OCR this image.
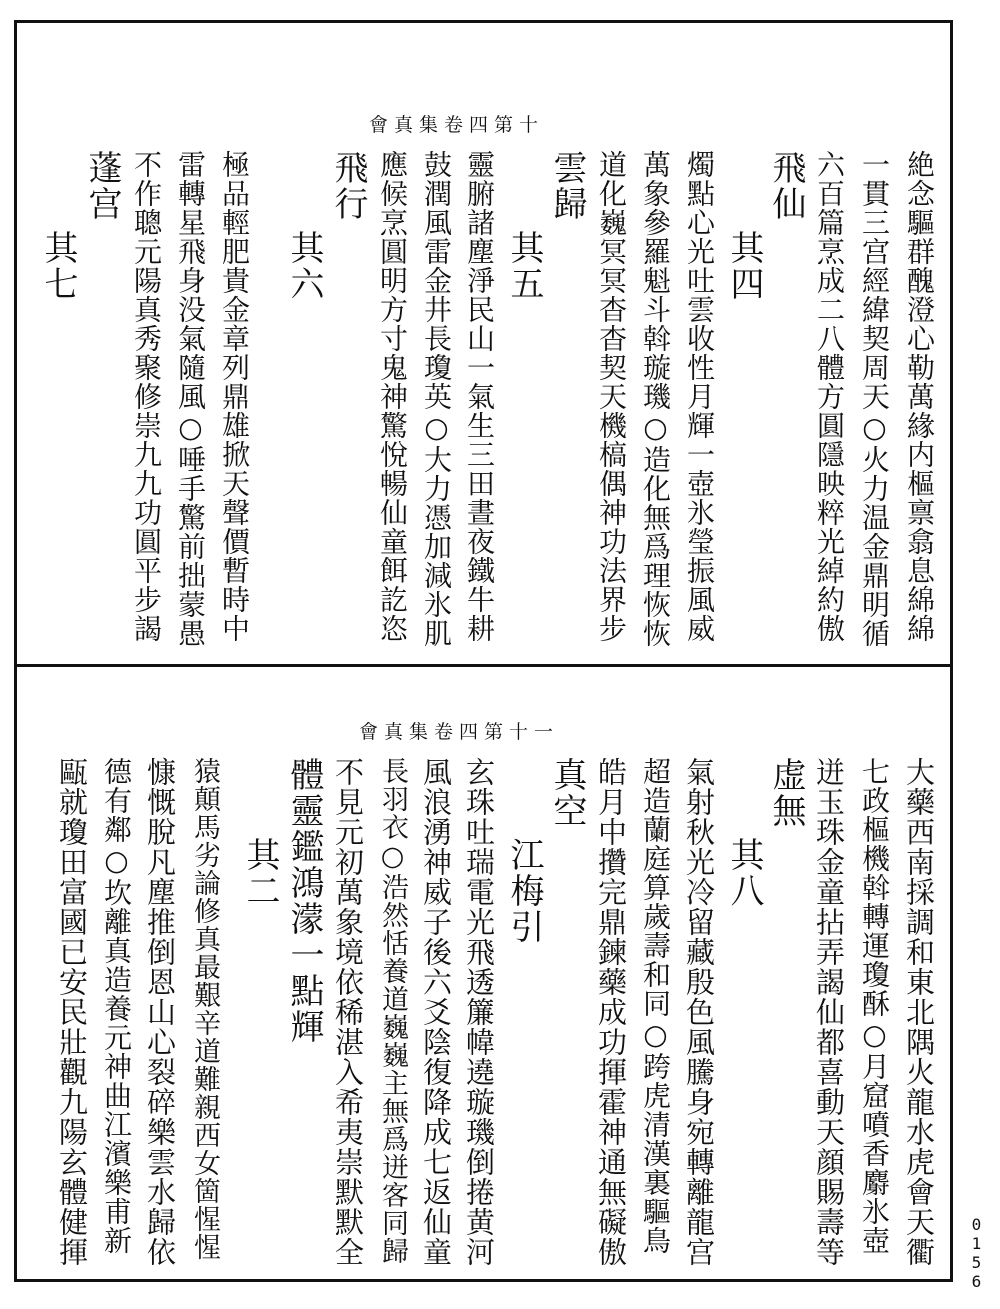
會真集卷四第十
絶念驅群醜澄心勒萬緣内樞禀翕息綿綿
一貫三宫經緯契周天○火力温金鼎明循
六百篇烹成二八體方圓隱映粹光綽約傲
飛仙
其四
燭點心光吐雲收性月輝一壺氷瑩振風威
萬象參羅魁斗斡璇璣○造化無爲理恢恢
道化巍冥冥杳杳契天機槁偶神功法界步
雲歸
其五
靈腑諸塵淨民山一氣生三田晝夜鐵牛耕
鼓潤風雷金井長瓊英○大力憑加減氷肌
應候烹圓明方寸鬼神驚悅暢仙童餌訖恣
飛行
其六
極品輕肥貴金章列鼎雄掀天聲價暫時中
雷轉星飛身没氣隨風○唾手驚前拙蒙愚
不作聰元陽真秀聚修崇九九功圓平步謁
蓬宫
其七
會真集卷四第十一
大藥西南採調和東北隅火龍水虎會天衢
七政樞機斡轉運瓊酥○月窟噴香麝氷壺
迸玉珠金童拈弄謁仙都喜動天顔賜壽等
虚無
其八
氣射秋光冷留藏殷色風騰身宛轉離龍宫
超造蘭庭算歲壽和同○跨虎清漢裏驅鳥
皓月中攢完鼎鍊藥成功揮霍神通無礙傲
真空
江梅引
玄珠吐瑞電光飛透簾幃遶璇璣倒捲黄河
風浪湧神威子後六爻陰復降成七返仙童
長羽衣○浩然恬養道巍巍主無爲迸客同歸
不見元初萬象境依稀湛入希夷崇默默全
體靈鑑鴻濛一點輝
其二
猿顛馬劣論修真最艱辛道難親西女箇惺惺
慷慨脫凡塵推倒恩山心裂碎樂雲水歸依
德有鄰○坎離真造養元神曲江濱樂甫新
甌就瓊田富國已安民壯觀九陽玄體健揮	0156
